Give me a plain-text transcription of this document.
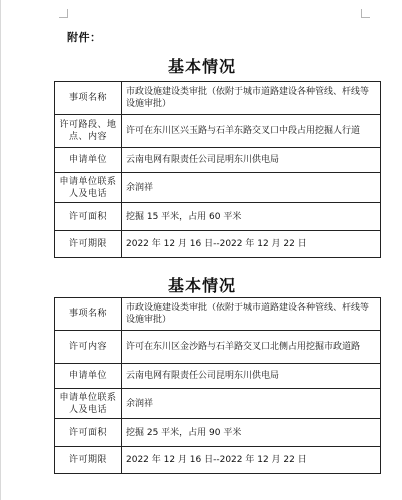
附件：
基本情况
事项名称	市政设施建设类审批（依附于城市道路建设各种管线、杆线等设施审批）
许可路段、地点、内容	许可在东川区兴玉路与石羊东路交叉口中段占用挖掘人行道
申请单位	云南电网有限责任公司昆明东川供电局
申请单位联系人及电话	余润祥
许可面积	挖掘 15 平米，占用 60 平米
许可期限	2022 年 12 月 16 日--2022 年 12 月 22 日
基本情况
事项名称	市政设施建设类审批（依附于城市道路建设各种管线、杆线等设施审批）
许可内容	许可在东川区金沙路与石羊路交叉口北侧占用挖掘市政道路
申请单位	云南电网有限责任公司昆明东川供电局
申请单位联系人及电话	余润祥
许可面积	挖掘 25 平米，占用 90 平米
许可期限	2022 年 12 月 16 日--2022 年 12 月 22 日
